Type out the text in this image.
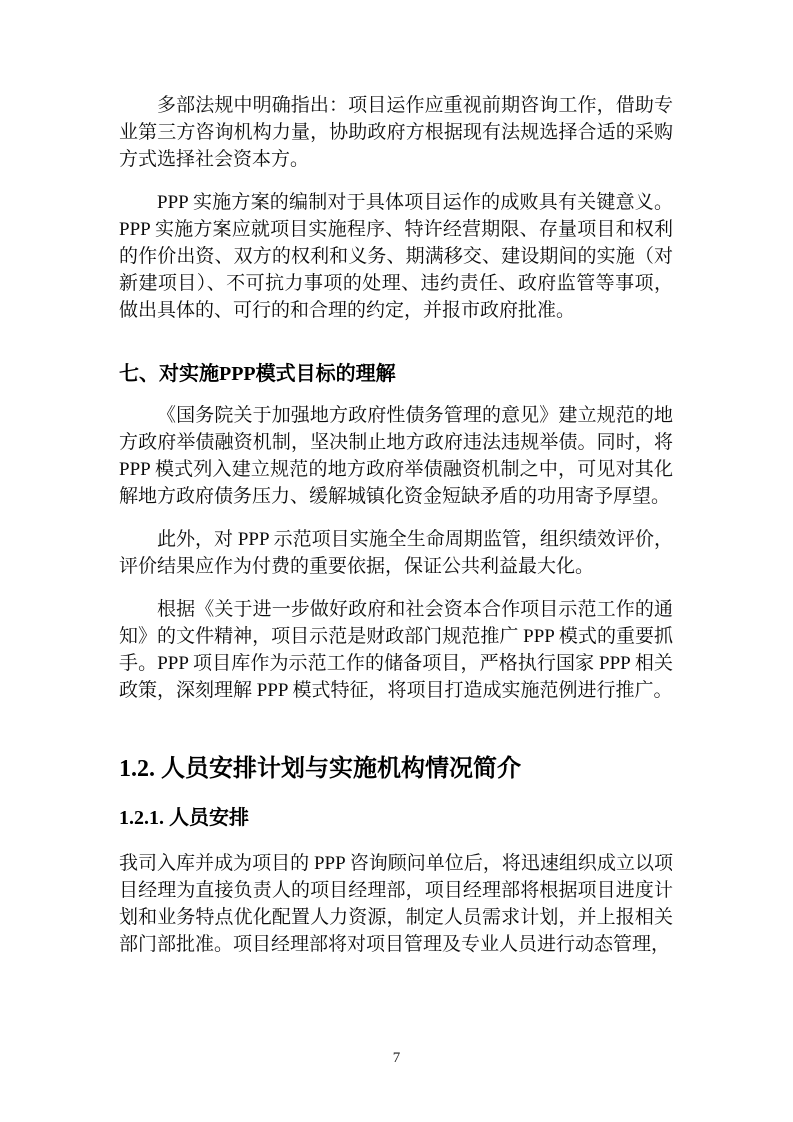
多部法规中明确指出：项目运作应重视前期咨询工作，借助专业第三方咨询机构力量，协助政府方根据现有法规选择合适的采购方式选择社会资本方。

PPP 实施方案的编制对于具体项目运作的成败具有关键意义。PPP 实施方案应就项目实施程序、特许经营期限、存量项目和权利的作价出资、双方的权利和义务、期满移交、建设期间的实施（对新建项目）、不可抗力事项的处理、违约责任、政府监管等事项，做出具体的、可行的和合理的约定，并报市政府批准。

七、对实施PPP模式目标的理解

《国务院关于加强地方政府性债务管理的意见》建立规范的地方政府举债融资机制，坚决制止地方政府违法违规举债。同时，将 PPP 模式列入建立规范的地方政府举债融资机制之中，可见对其化解地方政府债务压力、缓解城镇化资金短缺矛盾的功用寄予厚望。

此外，对 PPP 示范项目实施全生命周期监管，组织绩效评价，评价结果应作为付费的重要依据，保证公共利益最大化。

根据《关于进一步做好政府和社会资本合作项目示范工作的通知》的文件精神，项目示范是财政部门规范推广 PPP 模式的重要抓手。PPP 项目库作为示范工作的储备项目，严格执行国家 PPP 相关政策，深刻理解 PPP 模式特征，将项目打造成实施范例进行推广。

1.2. 人员安排计划与实施机构情况简介
1.2.1. 人员安排

我司入库并成为项目的 PPP 咨询顾问单位后，将迅速组织成立以项目经理为直接负责人的项目经理部，项目经理部将根据项目进度计划和业务特点优化配置人力资源，制定人员需求计划，并上报相关部门部批准。项目经理部将对项目管理及专业人员进行动态管理，

7
